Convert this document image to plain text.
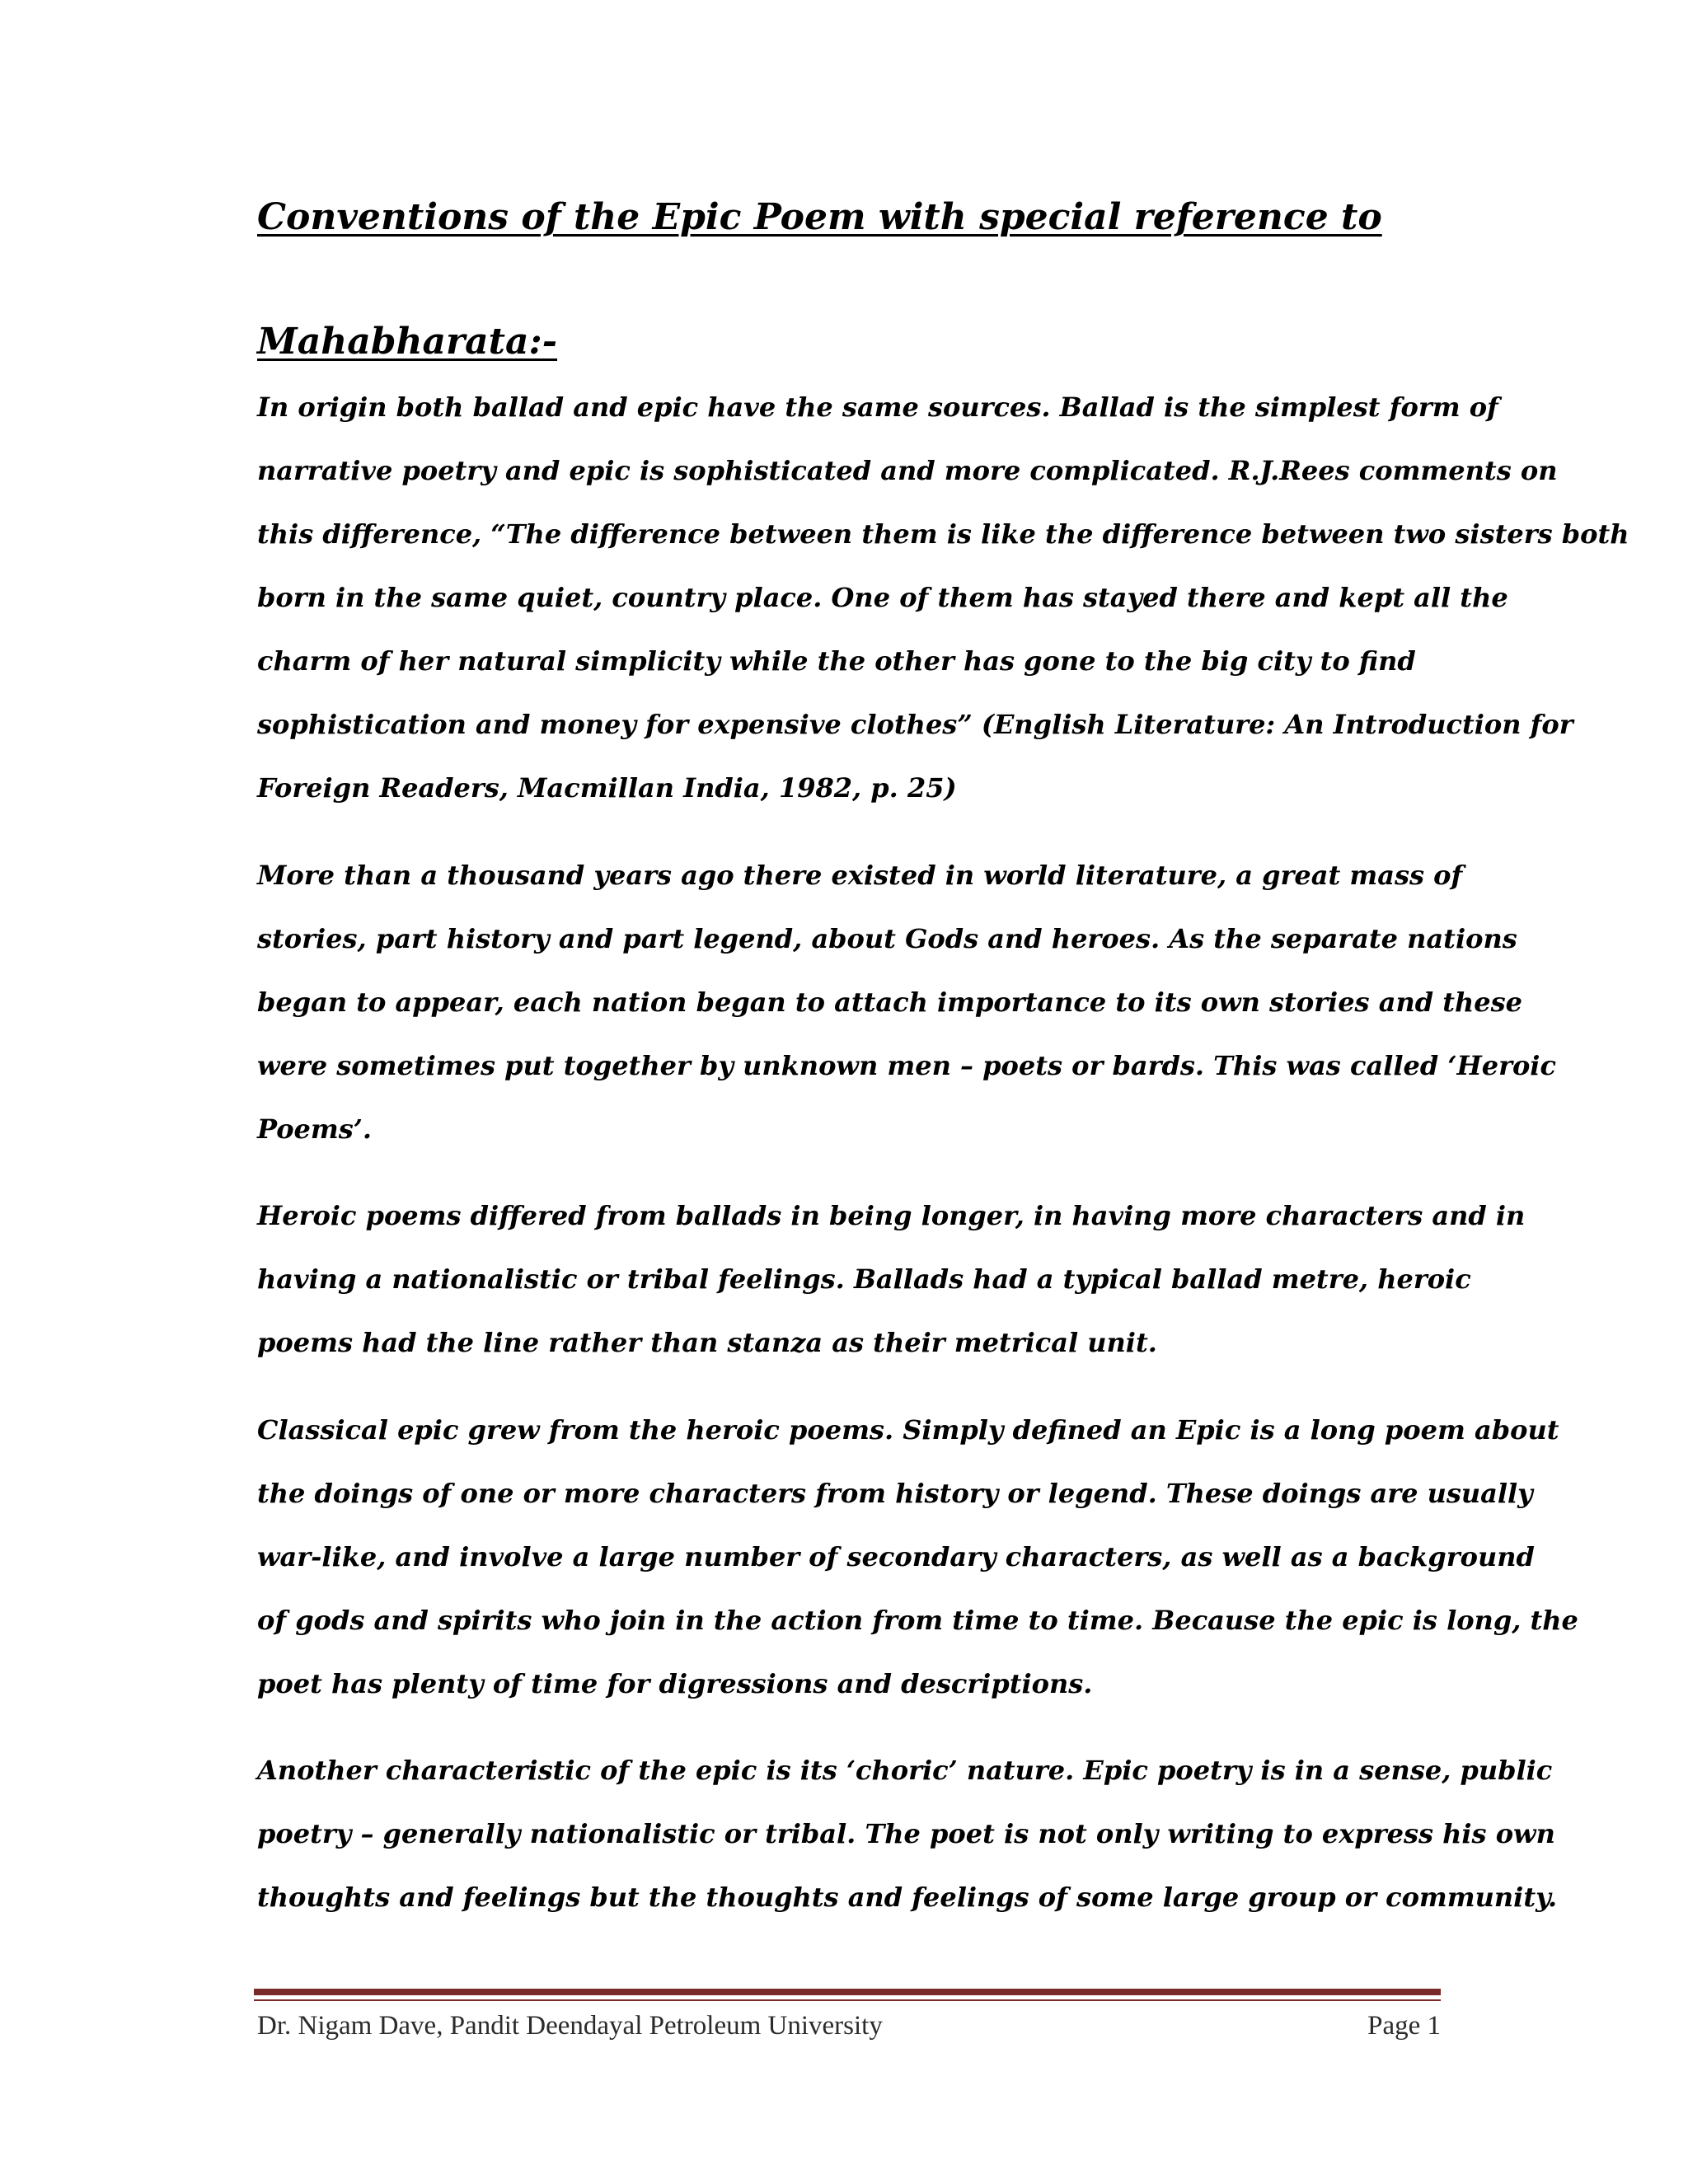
Conventions of the Epic Poem with special reference to
Mahabharata:-

In origin both ballad and epic have the same sources. Ballad is the simplest form of
narrative poetry and epic is sophisticated and more complicated. R.J.Rees comments on
this difference, “The difference between them is like the difference between two sisters both
born in the same quiet, country place. One of them has stayed there and kept all the
charm of her natural simplicity while the other has gone to the big city to find
sophistication and money for expensive clothes” (English Literature: An Introduction for
Foreign Readers, Macmillan India, 1982, p. 25)

More than a thousand years ago there existed in world literature, a great mass of
stories, part history and part legend, about Gods and heroes. As the separate nations
began to appear, each nation began to attach importance to its own stories and these
were sometimes put together by unknown men – poets or bards. This was called ‘Heroic
Poems’.

Heroic poems differed from ballads in being longer, in having more characters and in
having a nationalistic or tribal feelings. Ballads had a typical ballad metre, heroic
poems had the line rather than stanza as their metrical unit.

Classical epic grew from the heroic poems. Simply defined an Epic is a long poem about
the doings of one or more characters from history or legend. These doings are usually
war-like, and involve a large number of secondary characters, as well as a background
of gods and spirits who join in the action from time to time. Because the epic is long, the
poet has plenty of time for digressions and descriptions.

Another characteristic of the epic is its ‘choric’ nature. Epic poetry is in a sense, public
poetry – generally nationalistic or tribal. The poet is not only writing to express his own
thoughts and feelings but the thoughts and feelings of some large group or community.

Dr. Nigam Dave, Pandit Deendayal Petroleum University	Page 1
